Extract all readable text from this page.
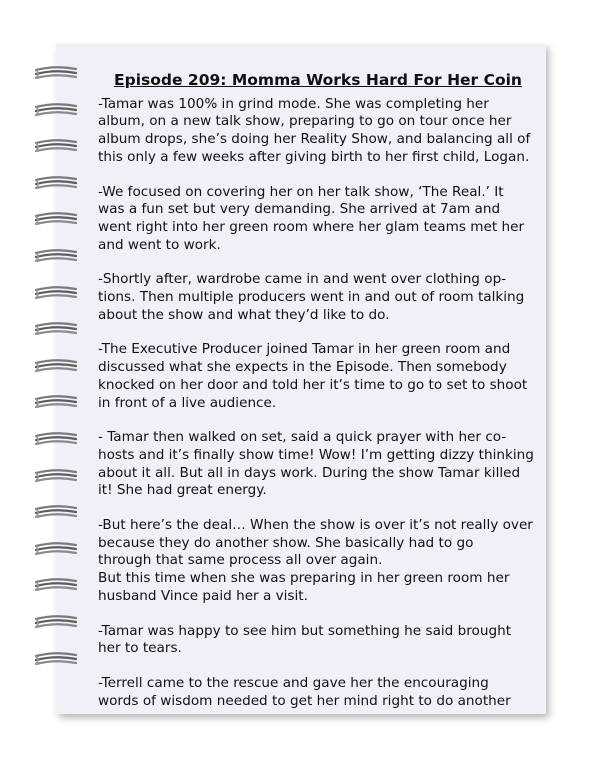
Episode 209: Momma Works Hard For Her Coin
-Tamar was 100% in grind mode. She was completing her
album, on a new talk show, preparing to go on tour once her
album drops, she’s doing her Reality Show, and balancing all of
this only a few weeks after giving birth to her first child, Logan.
-We focused on covering her on her talk show, ‘The Real.’ It
was a fun set but very demanding. She arrived at 7am and
went right into her green room where her glam teams met her
and went to work.
-Shortly after, wardrobe came in and went over clothing op-
tions. Then multiple producers went in and out of room talking
about the show and what they’d like to do.
-The Executive Producer joined Tamar in her green room and
discussed what she expects in the Episode. Then somebody
knocked on her door and told her it’s time to go to set to shoot
in front of a live audience.
- Tamar then walked on set, said a quick prayer with her co-
hosts and it’s finally show time! Wow! I’m getting dizzy thinking
about it all. But all in days work. During the show Tamar killed
it! She had great energy.
-But here’s the deal… When the show is over it’s not really over
because they do another show. She basically had to go
through that same process all over again.
But this time when she was preparing in her green room her
husband Vince paid her a visit.
-Tamar was happy to see him but something he said brought
her to tears.
-Terrell came to the rescue and gave her the encouraging
words of wisdom needed to get her mind right to do another
